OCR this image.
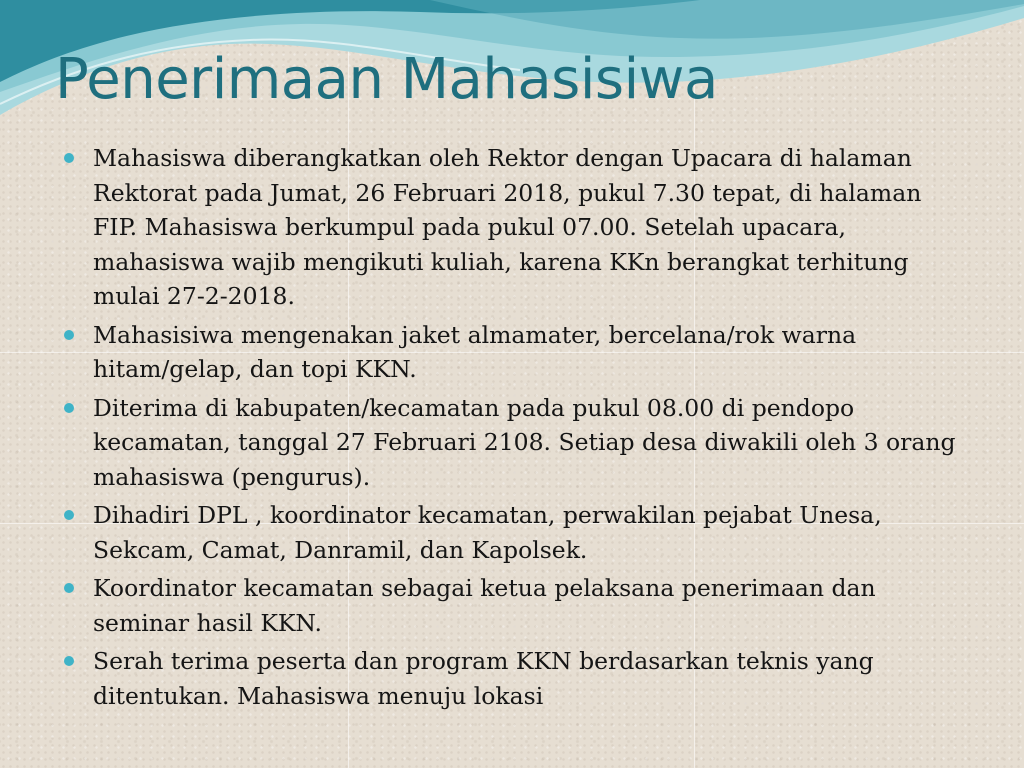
Penerimaan Mahasisiwa
Mahasiswa diberangkatkan oleh Rektor dengan Upacara di halaman Rektorat pada Jumat, 26 Februari 2018, pukul 7.30 tepat, di halaman FIP. Mahasiswa berkumpul pada pukul 07.00. Setelah upacara, mahasiswa wajib mengikuti kuliah, karena KKn berangkat terhitung mulai 27-2-2018.
Mahasisiwa mengenakan jaket almamater, bercelana/rok warna hitam/gelap, dan topi KKN.
Diterima di kabupaten/kecamatan pada pukul 08.00 di pendopo kecamatan, tanggal 27 Februari 2108. Setiap desa diwakili oleh 3 orang mahasiswa (pengurus).
Dihadiri DPL , koordinator kecamatan, perwakilan pejabat Unesa, Sekcam, Camat, Danramil, dan Kapolsek.
Koordinator kecamatan sebagai ketua pelaksana penerimaan dan seminar hasil KKN.
Serah terima peserta dan program KKN berdasarkan teknis yang ditentukan. Mahasiswa menuju lokasi
